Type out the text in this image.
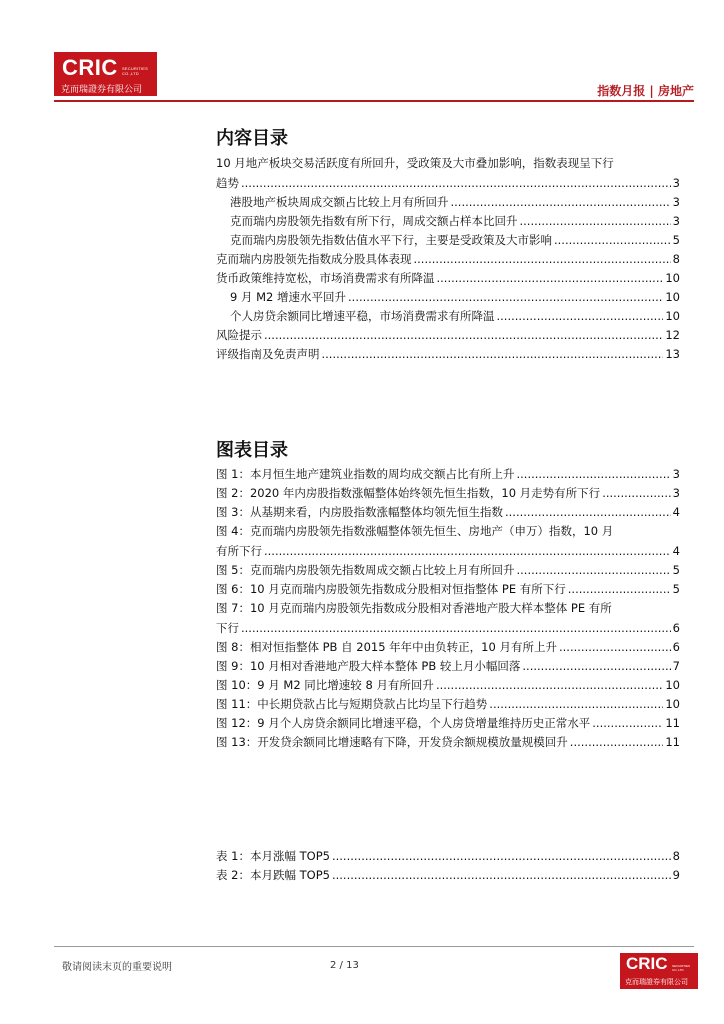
CRIC SECURITIES CO.,LTD
克而瑞證券有限公司	指数月报 | 房地产
内容目录
10 月地产板块交易活跃度有所回升，受政策及大市叠加影响，指数表现呈下行
趋势 .....	3
港股地产板块周成交额占比较上月有所回升 .....	3
克而瑞内房股领先指数有所下行，周成交额占样本比回升 .....	3
克而瑞内房股领先指数估值水平下行，主要是受政策及大市影响 .....	5
克而瑞内房股领先指数成分股具体表现 .....	8
货币政策维持宽松，市场消费需求有所降温 .....	10
9 月 M2 增速水平回升 .....	10
个人房贷余额同比增速平稳，市场消费需求有所降温 .....	10
风险提示 .....	12
评级指南及免责声明 .....	13
图表目录
图 1：本月恒生地产建筑业指数的周均成交额占比有所上升 .....	3
图 2：2020 年内房股指数涨幅整体始终领先恒生指数，10 月走势有所下行 .....	3
图 3：从基期来看，内房股指数涨幅整体均领先恒生指数 .....	4
图 4：克而瑞内房股领先指数涨幅整体领先恒生、房地产（申万）指数，10 月
有所下行 .....	4
图 5：克而瑞内房股领先指数周成交额占比较上月有所回升 .....	5
图 6：10 月克而瑞内房股领先指数成分股相对恒指整体 PE 有所下行 .....	5
图 7：10 月克而瑞内房股领先指数成分股相对香港地产股大样本整体 PE 有所
下行 .....	6
图 8：相对恒指整体 PB 自 2015 年年中由负转正，10 月有所上升 .....	6
图 9：10 月相对香港地产股大样本整体 PB 较上月小幅回落 .....	7
图 10：9 月 M2 同比增速较 8 月有所回升 .....	10
图 11：中长期贷款占比与短期贷款占比均呈下行趋势 .....	10
图 12：9 月个人房贷余额同比增速平稳，个人房贷增量维持历史正常水平 .....	11
图 13：开发贷余额同比增速略有下降，开发贷余额规模放量规模回升 .....	11
表 1：本月涨幅 TOP5 .....	8
表 2：本月跌幅 TOP5 .....	9
敬请阅读末页的重要说明	2 / 13	CRIC SECURITIES CO.,LTD
克而瑞證券有限公司
